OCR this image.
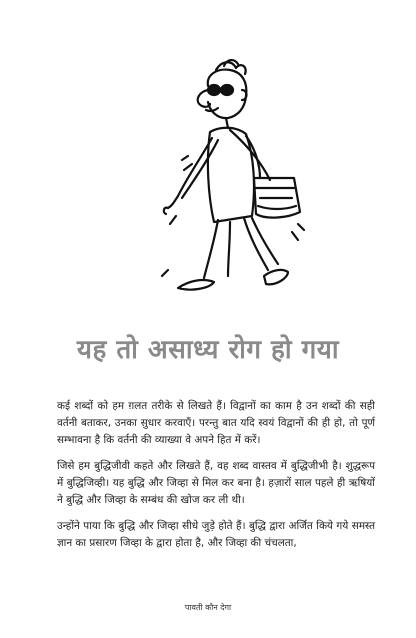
यह तो असाध्य रोग हो गया

कई शब्दों को हम ग़लत तरीके से लिखते हैं। विद्वानों का काम है उन शब्दों की सही वर्तनी बताकर, उनका सुधार करवाएँ। परन्तु बात यदि स्वयं विद्वानों की ही हो, तो पूर्ण सम्भावना है कि वर्तनी की व्याख्या वे अपने हित में करें।

जिसे हम बुद्धिजीवी कहते और लिखते हैं, वह शब्द वास्तव में बुद्धिजीभी है। शुद्धरूप में बुद्धिजिव्ही। यह बुद्धि और जिव्हा से मिल कर बना है। हज़ारों साल पहले ही ऋषियों ने बुद्धि और जिव्हा के सम्बंध की खोज कर ली थी।

उन्होंने पाया कि बुद्धि और जिव्हा सीधे जुड़े होते हैं। बुद्धि द्वारा अर्जित किये गये समस्त ज्ञान का प्रसारण जिव्हा के द्वारा होता है, और जिव्हा की चंचलता,

पावती कौन देगा
